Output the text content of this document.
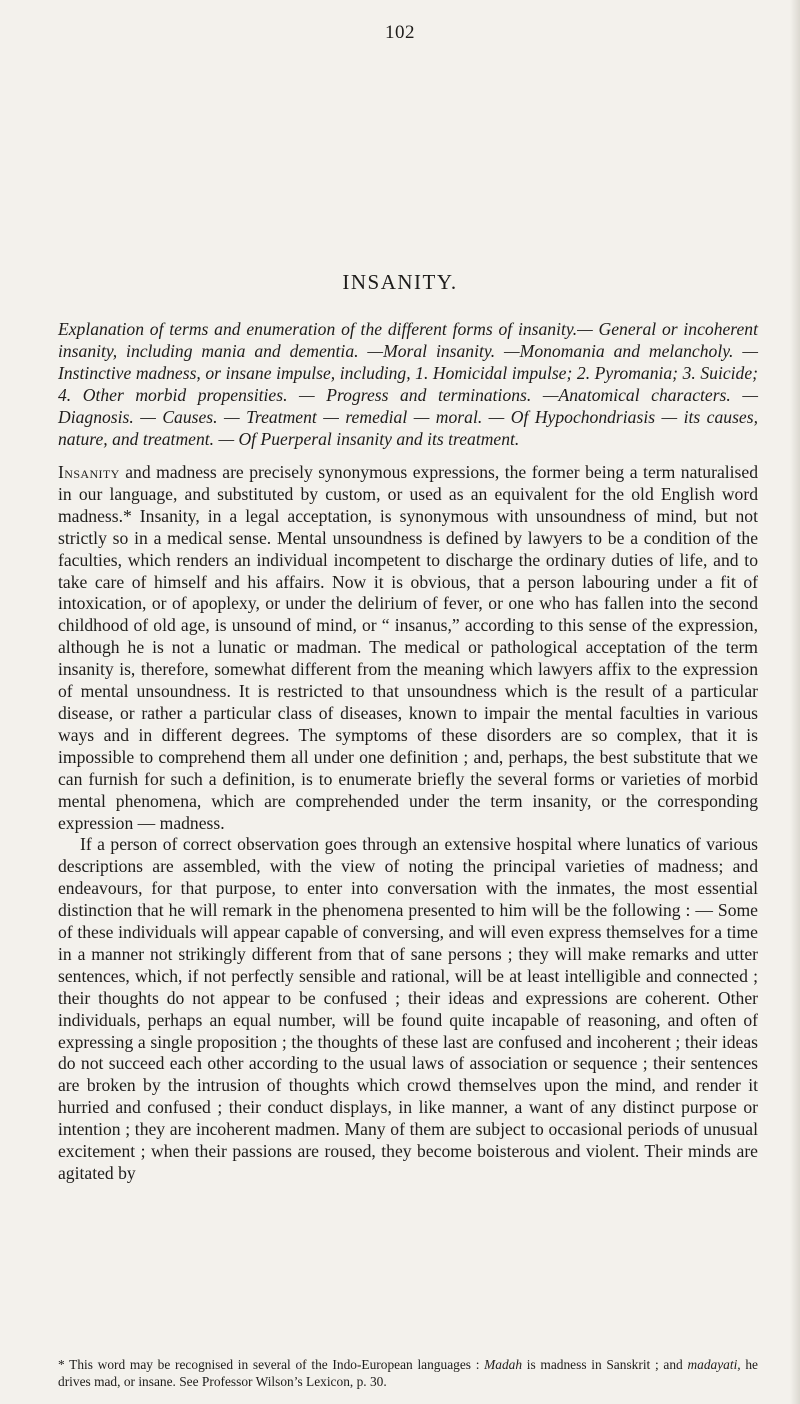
102
INSANITY.
Explanation of terms and enumeration of the different forms of insanity.— General or incoherent insanity, including mania and dementia. —Moral insanity. —Monomania and melancholy. —Instinctive madness, or insane impulse, including, 1. Homicidal impulse; 2. Pyromania; 3. Suicide; 4. Other morbid propensities. — Progress and terminations. —Anatomical characters. — Diagnosis. — Causes. — Treatment — remedial — moral. — Of Hypochondriasis — its causes, nature, and treatment. — Of Puerperal insanity and its treatment.

Insanity and madness are precisely synonymous expressions, the former being a term naturalised in our language, and substituted by custom, or used as an equivalent for the old English word madness.* Insanity, in a legal acceptation, is synonymous with unsoundness of mind, but not strictly so in a medical sense. Mental unsoundness is defined by lawyers to be a condition of the faculties, which renders an individual incompetent to discharge the ordinary duties of life, and to take care of himself and his affairs. Now it is obvious, that a person labouring under a fit of intoxication, or of apoplexy, or under the delirium of fever, or one who has fallen into the second childhood of old age, is unsound of mind, or “ insanus,” according to this sense of the expression, although he is not a lunatic or madman. The medical or pathological acceptation of the term insanity is, therefore, somewhat different from the meaning which lawyers affix to the expression of mental unsoundness. It is restricted to that unsoundness which is the result of a particular disease, or rather a particular class of diseases, known to impair the mental faculties in various ways and in different degrees. The symptoms of these disorders are so complex, that it is impossible to comprehend them all under one definition ; and, perhaps, the best substitute that we can furnish for such a definition, is to enumerate briefly the several forms or varieties of morbid mental phenomena, which are comprehended under the term insanity, or the corresponding expression — madness.

If a person of correct observation goes through an extensive hospital where lunatics of various descriptions are assembled, with the view of noting the principal varieties of madness; and endeavours, for that purpose, to enter into conversation with the inmates, the most essential distinction that he will remark in the phenomena presented to him will be the following : — Some of these individuals will appear capable of conversing, and will even express themselves for a time in a manner not strikingly different from that of sane persons ; they will make remarks and utter sentences, which, if not perfectly sensible and rational, will be at least intelligible and connected ; their thoughts do not appear to be confused ; their ideas and expressions are coherent. Other individuals, perhaps an equal number, will be found quite incapable of reasoning, and often of expressing a single proposition ; the thoughts of these last are confused and incoherent ; their ideas do not succeed each other according to the usual laws of association or sequence ; their sentences are broken by the intrusion of thoughts which crowd themselves upon the mind, and render it hurried and confused ; their conduct displays, in like manner, a want of any distinct purpose or intention ; they are incoherent madmen. Many of them are subject to occasional periods of unusual excitement ; when their passions are roused, they become boisterous and violent. Their minds are agitated by

* This word may be recognised in several of the Indo-European languages : Madah is madness in Sanskrit ; and madayati, he drives mad, or insane. See Professor Wilson’s Lexicon, p. 30.
